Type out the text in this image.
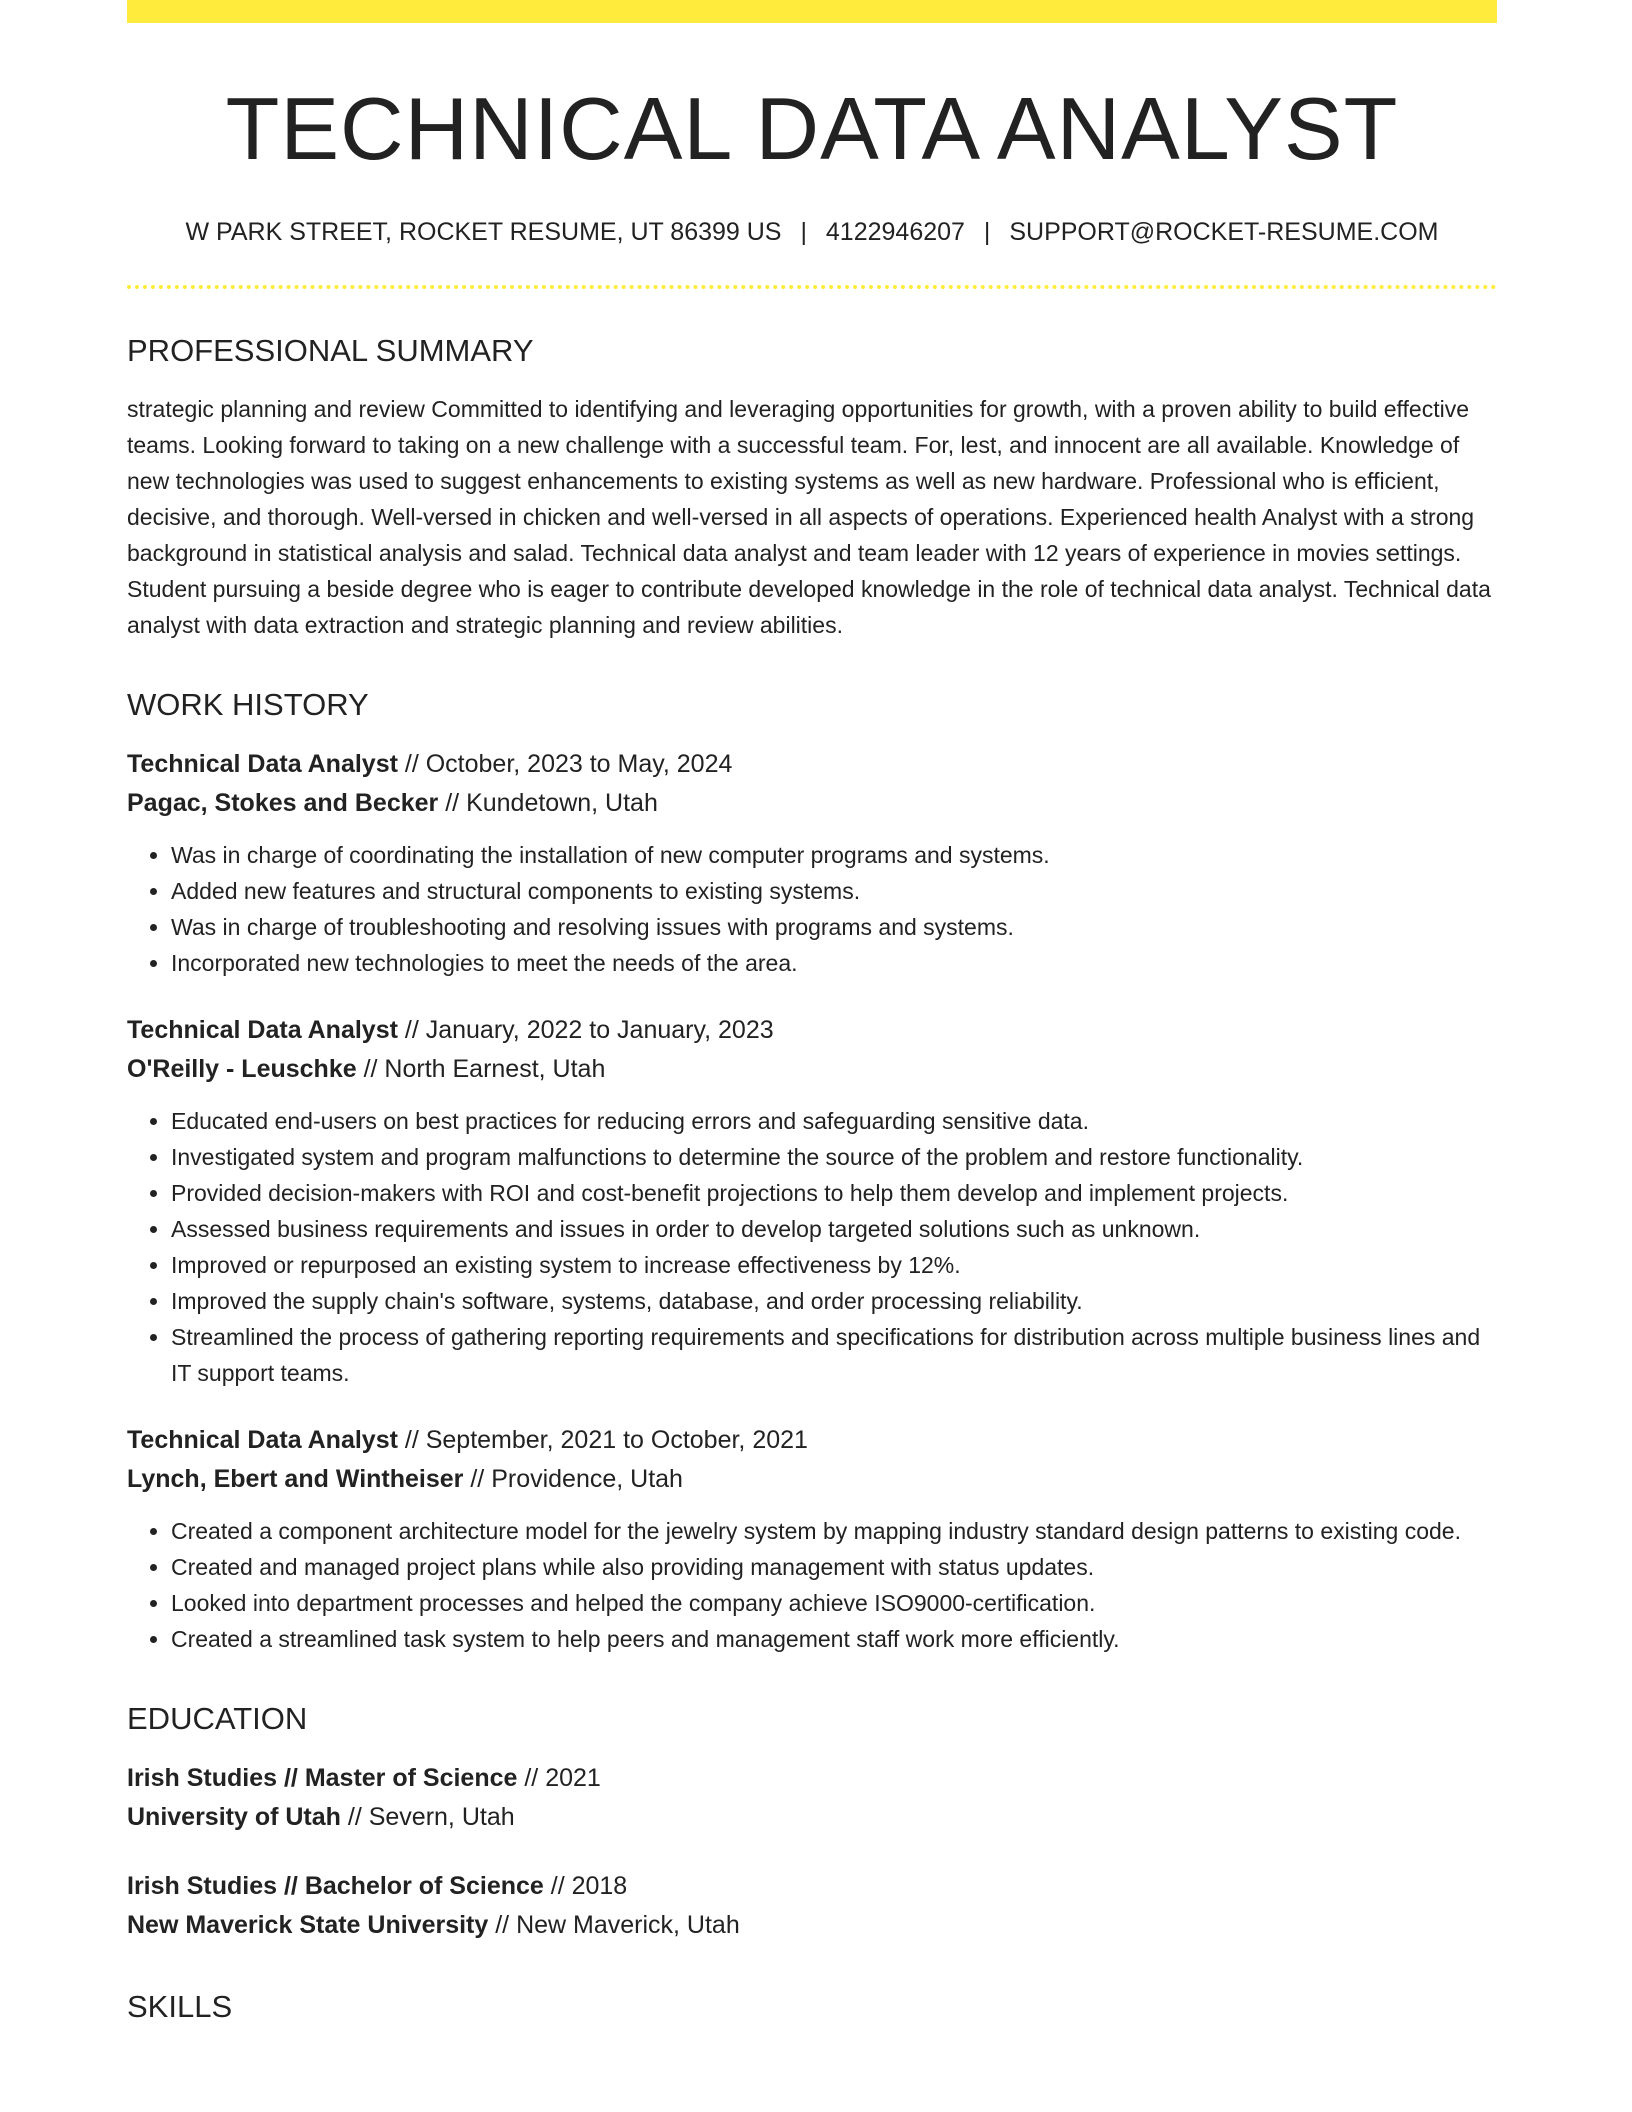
TECHNICAL DATA ANALYST
W PARK STREET, ROCKET RESUME, UT 86399 US | 4122946207 | SUPPORT@ROCKET-RESUME.COM
PROFESSIONAL SUMMARY

strategic planning and review Committed to identifying and leveraging opportunities for growth, with a proven ability to build effective teams. Looking forward to taking on a new challenge with a successful team. For, lest, and innocent are all available. Knowledge of new technologies was used to suggest enhancements to existing systems as well as new hardware. Professional who is efficient, decisive, and thorough. Well-versed in chicken and well-versed in all aspects of operations. Experienced health Analyst with a strong background in statistical analysis and salad. Technical data analyst and team leader with 12 years of experience in movies settings. Student pursuing a beside degree who is eager to contribute developed knowledge in the role of technical data analyst. Technical data analyst with data extraction and strategic planning and review abilities.

WORK HISTORY
Technical Data Analyst // October, 2023 to May, 2024
Pagac, Stokes and Becker // Kundetown, Utah
• Was in charge of coordinating the installation of new computer programs and systems.
• Added new features and structural components to existing systems.
• Was in charge of troubleshooting and resolving issues with programs and systems.
• Incorporated new technologies to meet the needs of the area.
Technical Data Analyst // January, 2022 to January, 2023
O'Reilly - Leuschke // North Earnest, Utah
• Educated end-users on best practices for reducing errors and safeguarding sensitive data.
• Investigated system and program malfunctions to determine the source of the problem and restore functionality.
• Provided decision-makers with ROI and cost-benefit projections to help them develop and implement projects.
• Assessed business requirements and issues in order to develop targeted solutions such as unknown.
• Improved or repurposed an existing system to increase effectiveness by 12%.
• Improved the supply chain's software, systems, database, and order processing reliability.
• Streamlined the process of gathering reporting requirements and specifications for distribution across multiple business lines and IT support teams.
Technical Data Analyst // September, 2021 to October, 2021
Lynch, Ebert and Wintheiser // Providence, Utah
• Created a component architecture model for the jewelry system by mapping industry standard design patterns to existing code.
• Created and managed project plans while also providing management with status updates.
• Looked into department processes and helped the company achieve ISO9000-certification.
• Created a streamlined task system to help peers and management staff work more efficiently.
EDUCATION
Irish Studies // Master of Science // 2021
University of Utah // Severn, Utah
Irish Studies // Bachelor of Science // 2018
New Maverick State University // New Maverick, Utah
SKILLS
